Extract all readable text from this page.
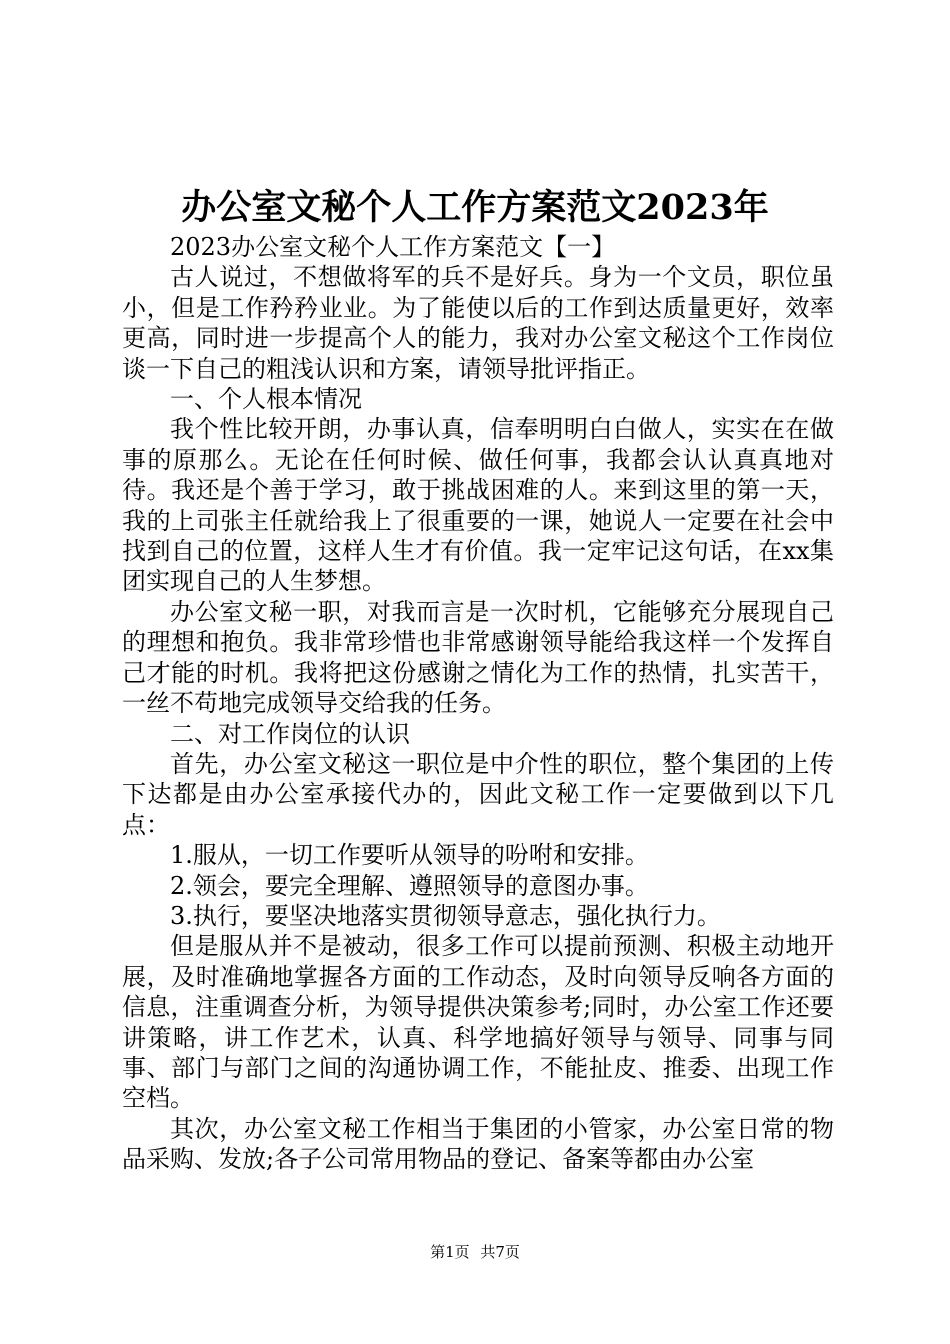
办公室文秘个人工作方案范文2023年

2023办公室文秘个人工作方案范文【一】

古人说过，不想做将军的兵不是好兵。身为一个文员，职位虽小，但是工作矜矜业业。为了能使以后的工作到达质量更好，效率更高，同时进一步提高个人的能力，我对办公室文秘这个工作岗位谈一下自己的粗浅认识和方案，请领导批评指正。

一、个人根本情况

我个性比较开朗，办事认真，信奉明明白白做人，实实在在做事的原那么。无论在任何时候、做任何事，我都会认认真真地对待。我还是个善于学习，敢于挑战困难的人。来到这里的第一天，我的上司张主任就给我上了很重要的一课，她说人一定要在社会中找到自己的位置，这样人生才有价值。我一定牢记这句话，在xx集团实现自己的人生梦想。

办公室文秘一职，对我而言是一次时机，它能够充分展现自己的理想和抱负。我非常珍惜也非常感谢领导能给我这样一个发挥自己才能的时机。我将把这份感谢之情化为工作的热情，扎实苦干，一丝不苟地完成领导交给我的任务。

二、对工作岗位的认识

首先，办公室文秘这一职位是中介性的职位，整个集团的上传下达都是由办公室承接代办的，因此文秘工作一定要做到以下几点：

1.服从，一切工作要听从领导的吩咐和安排。

2.领会，要完全理解、遵照领导的意图办事。

3.执行，要坚决地落实贯彻领导意志，强化执行力。

但是服从并不是被动，很多工作可以提前预测、积极主动地开展，及时准确地掌握各方面的工作动态，及时向领导反响各方面的信息，注重调查分析，为领导提供决策参考;同时，办公室工作还要讲策略，讲工作艺术，认真、科学地搞好领导与领导、同事与同事、部门与部门之间的沟通协调工作，不能扯皮、推委、出现工作空档。

其次，办公室文秘工作相当于集团的小管家，办公室日常的物品采购、发放;各子公司常用物品的登记、备案等都由办公室

第1页 共7页
